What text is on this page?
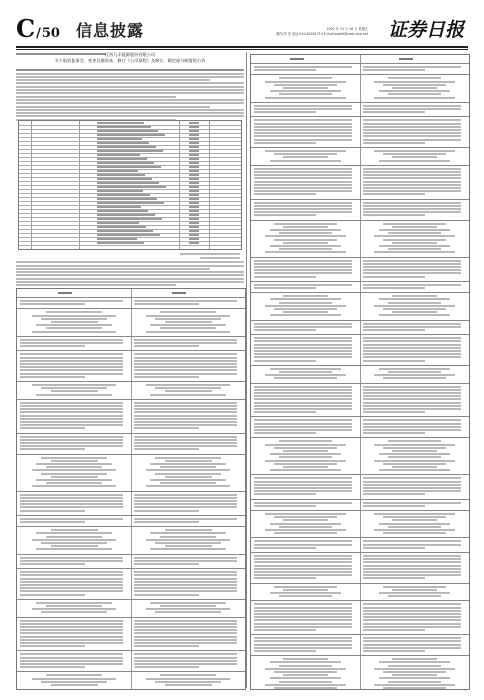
C/50 信息披露	2020 年 10 月 16 日 星期五
制作/李 莹 电话:010-63051714 E-mail:zqrb9@zqrb.sina.net 证券日报
江西九丰能源股份有限公司
关于取消监事会、变更注册资本、修订《公司章程》及修订、制定部分制度的公告
▯
